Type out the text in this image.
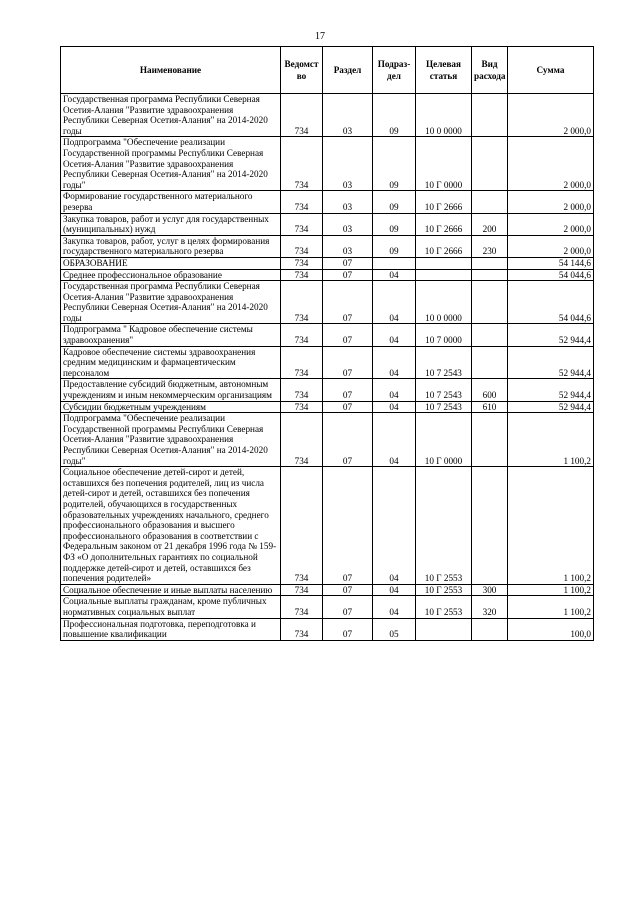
17
Наименование	Ведомст во	Раздел	Подраз- дел	Целевая статья	Вид расхода	Сумма
Государственная программа Республики Северная Осетия-Алания "Развитие здравоохранения Республики Северная Осетия-Алания" на 2014-2020 годы	734	03	09	10 0 0000		2 000,0
Подпрограмма "Обеспечение реализации Государственной программы Республики Северная Осетия-Алания "Развитие здравоохранения Республики Северная Осетия-Алания" на 2014-2020 годы"	734	03	09	10 Г 0000		2 000,0
Формирование государственного материального резерва	734	03	09	10 Г 2666		2 000,0
Закупка товаров, работ и услуг для государственных (муниципальных) нужд	734	03	09	10 Г 2666	200	2 000,0
Закупка товаров, работ, услуг в целях формирования государственного материального резерва	734	03	09	10 Г 2666	230	2 000,0
ОБРАЗОВАНИЕ	734	07				54 144,6
Среднее профессиональное образование	734	07	04			54 044,6
Государственная программа Республики Северная Осетия-Алания "Развитие здравоохранения Республики Северная Осетия-Алания" на 2014-2020 годы	734	07	04	10 0 0000		54 044,6
Подпрограмма " Кадровое обеспечение системы здравоохранения"	734	07	04	10 7 0000		52 944,4
Кадровое обеспечение системы здравоохранения средним медицинским и фармацевтическим персоналом	734	07	04	10 7 2543		52 944,4
Предоставление субсидий бюджетным, автономным учреждениям и иным некоммерческим организациям	734	07	04	10 7 2543	600	52 944,4
Субсидии бюджетным учреждениям	734	07	04	10 7 2543	610	52 944,4
Подпрограмма "Обеспечение реализации Государственной программы Республики Северная Осетия-Алания "Развитие здравоохранения Республики Северная Осетия-Алания" на 2014-2020 годы"	734	07	04	10 Г 0000		1 100,2
Социальное обеспечение детей-сирот и детей, оставшихся без попечения родителей, лиц из числа детей-сирот и детей, оставшихся без попечения родителей, обучающихся в государственных образовательных учреждениях начального, среднего профессионального образования и высшего профессионального образования в соответствии с Федеральным законом от 21 декабря 1996 года № 159-ФЗ «О дополнительных гарантиях по социальной поддержке детей-сирот и детей, оставшихся без попечения родителей»	734	07	04	10 Г 2553		1 100,2
Социальное обеспечение и иные выплаты населению	734	07	04	10 Г 2553	300	1 100,2
Социальные выплаты гражданам, кроме публичных нормативных социальных выплат	734	07	04	10 Г 2553	320	1 100,2
Профессиональная подготовка, переподготовка и повышение квалификации	734	07	05			100,0
